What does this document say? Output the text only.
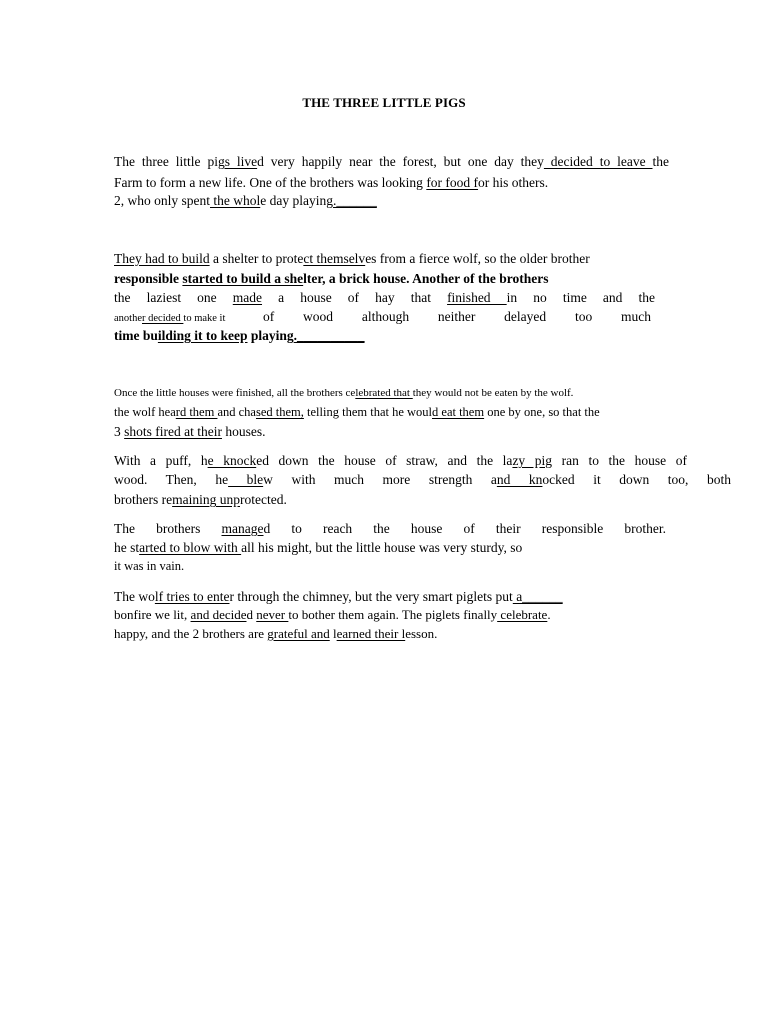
THE THREE LITTLE PIGS
The three little pigs lived very happily near the forest, but one day they decided to leave the
Farm to form a new life. One of the brothers was looking for food for his others.
2, who only spent the whole day playing.______
They had to build a shelter to protect themselves from a fierce wolf, so the older brother
responsible started to build a shelter, a brick house. Another of the brothers
the laziest one made a house of hay that finished in no time and the
another decided to make it	of wood although neither delayed too much
time building it to keep playing.__________
Once the little houses were finished, all the brothers celebrated that they would not be eaten by the wolf.
the wolf heard them and chased them, telling them that he would eat them one by one, so that the
3 shots fired at their houses.
With a puff, he knocked down the house of straw, and the lazy pig ran to the house of
wood. Then, he blew with much more strength and knocked it down too, both
brothers remaining unprotected.
The brothers managed to reach the house of their responsible brother.
he started to blow with all his might, but the little house was very sturdy, so
it was in vain.
The wolf tries to enter through the chimney, but the very smart piglets put a______
bonfire we lit, and decided never to bother them again. The piglets finally celebrate.
happy, and the 2 brothers are grateful and learned their lesson.
